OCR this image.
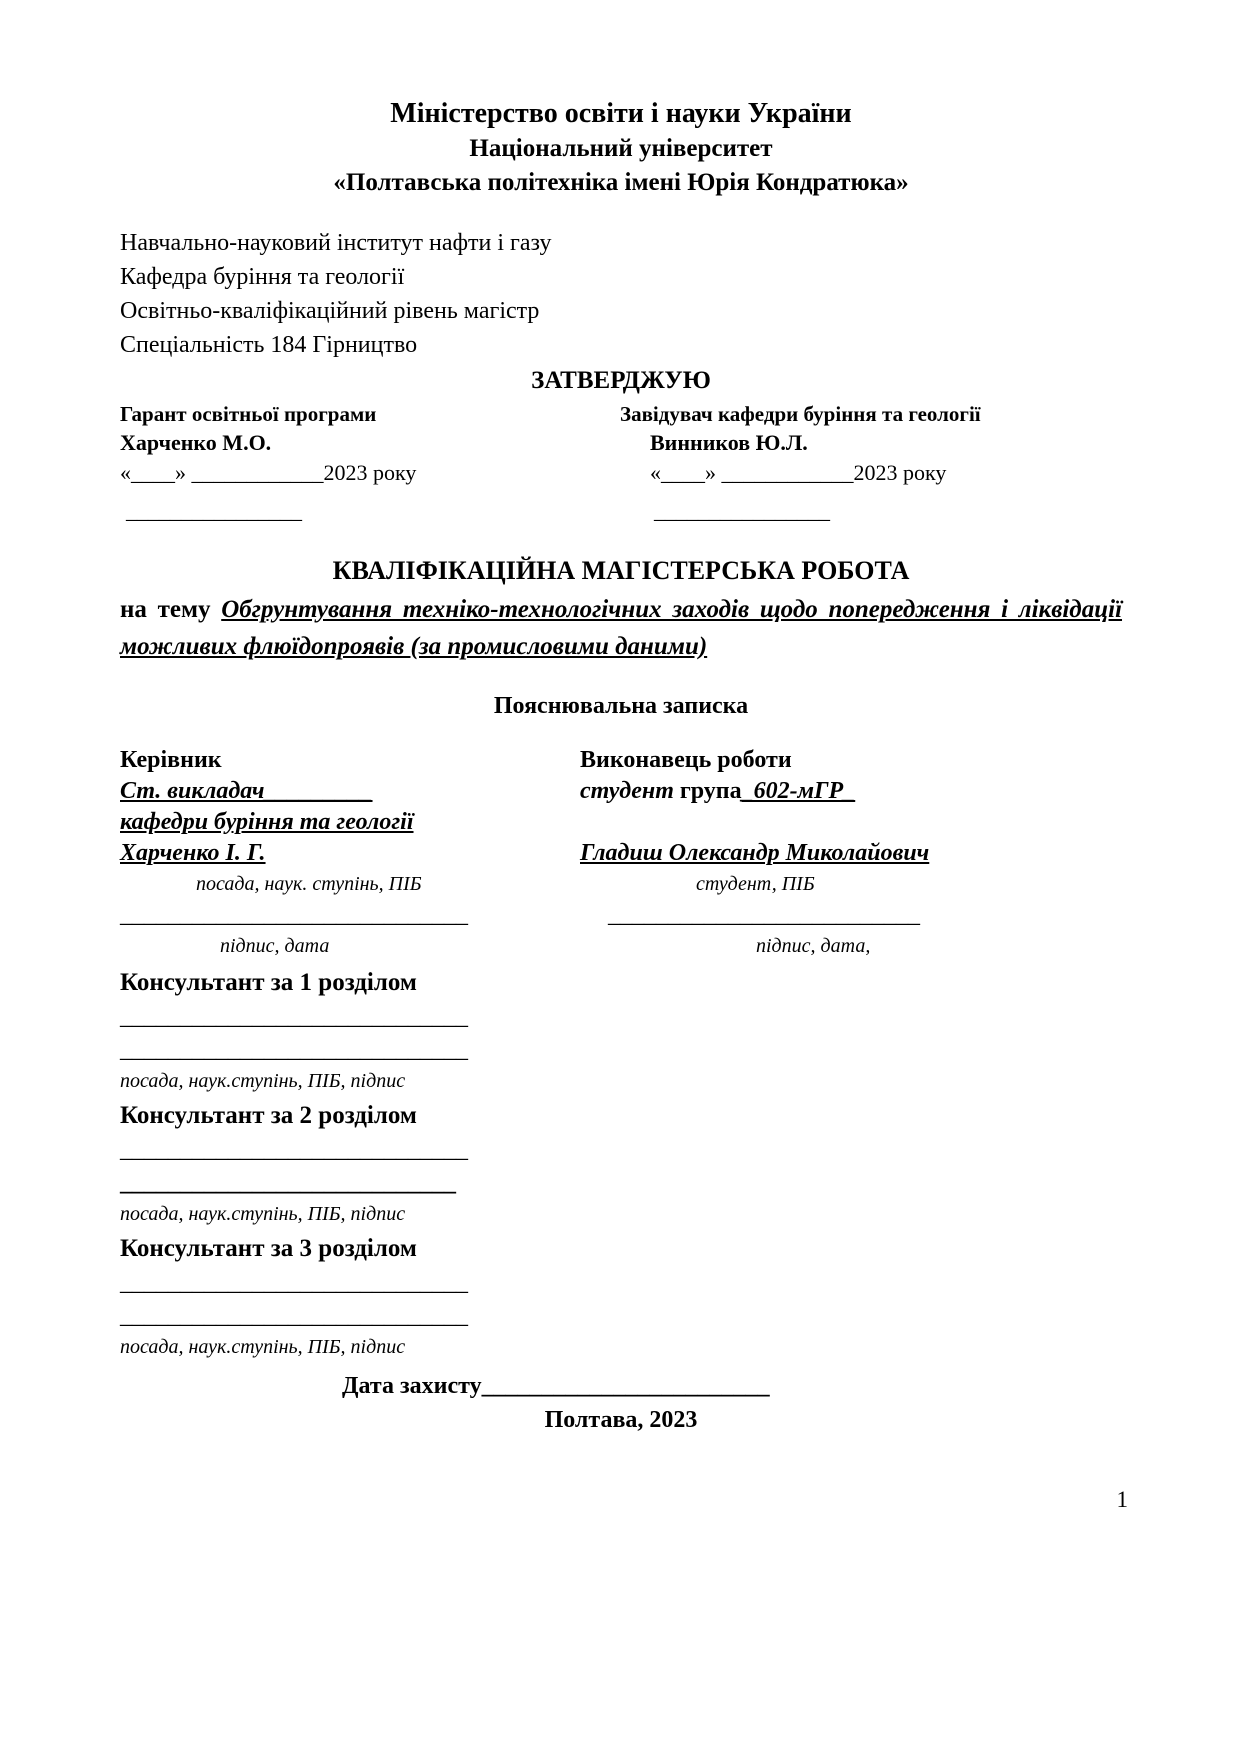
Міністерство освіти і науки України
Національний університет
«Полтавська політехніка імені Юрія Кондратюка»
Навчально-науковий інститут нафти і газу
Кафедра буріння та геології
Освітньо-кваліфікаційний рівень магістр
Спеціальність 184 Гірництво
ЗАТВЕРДЖУЮ
Гарант освітньої програми
Харченко М.О.
«____» ____________2023 року
Завідувач кафедри буріння та геології
Винников Ю.Л.
«____» ____________2023 року
________________	________________
КВАЛІФІКАЦІЙНА МАГІСТЕРСЬКА РОБОТА
на тему Обгрунтування техніко-технологічних заходів щодо попередження і ліквідації можливих флюїдопроявів (за промисловими даними)
Пояснювальна записка
Керівник
Ст. викладач_________
кафедри буріння та геології
Харченко І. Г.
посада, наук. ступінь, ПІБ
_____________________________
підпис, дата
Виконавець роботи
студент група_602-мГР_

Гладиш Олександр Миколайович
студент, ПІБ
__________________________
підпис, дата,
Консультант за 1 розділом
_____________________________
_____________________________
посада, наук.ступінь, ПІБ, підпис
Консультант за 2 розділом
_____________________________
____________________________
посада, наук.ступінь, ПІБ, підпис
Консультант за 3 розділом
_____________________________
_____________________________
посада, наук.ступінь, ПІБ, підпис
Дата захисту________________________
Полтава, 2023
1
